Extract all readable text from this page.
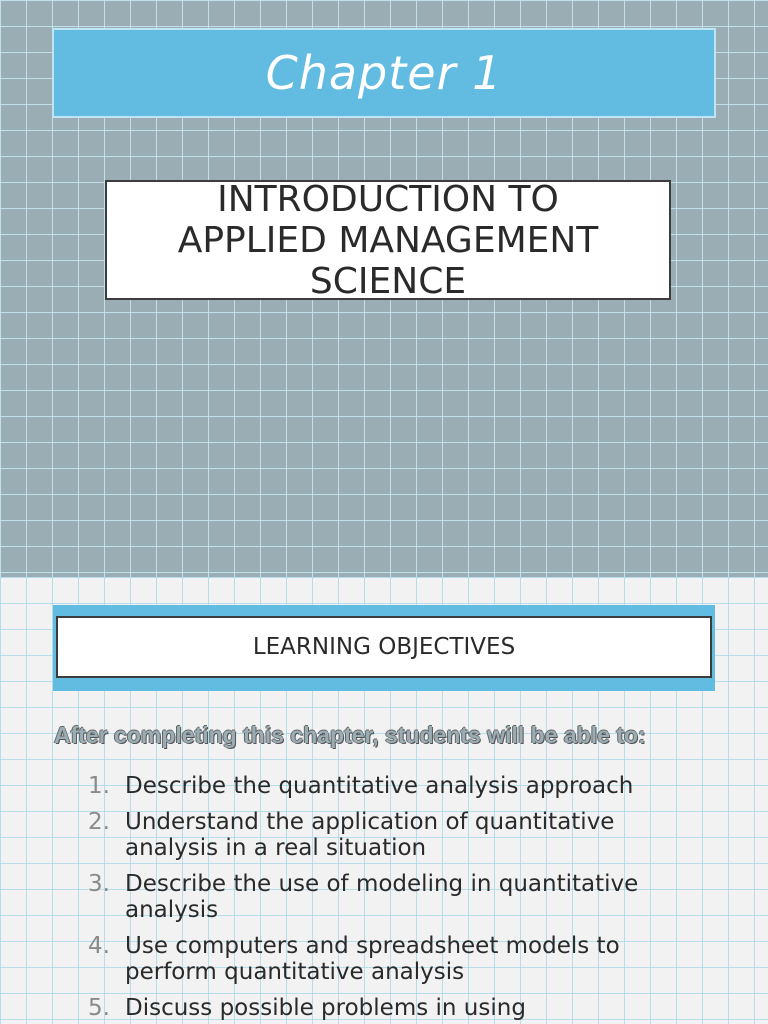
Chapter 1
INTRODUCTION TO
APPLIED MANAGEMENT
SCIENCE
LEARNING OBJECTIVES
After completing this chapter, students will be able to:
1. Describe the quantitative analysis approach
2. Understand the application of quantitative analysis in a real situation
3. Describe the use of modeling in quantitative analysis
4. Use computers and spreadsheet models to perform quantitative analysis
5. Discuss possible problems in using
